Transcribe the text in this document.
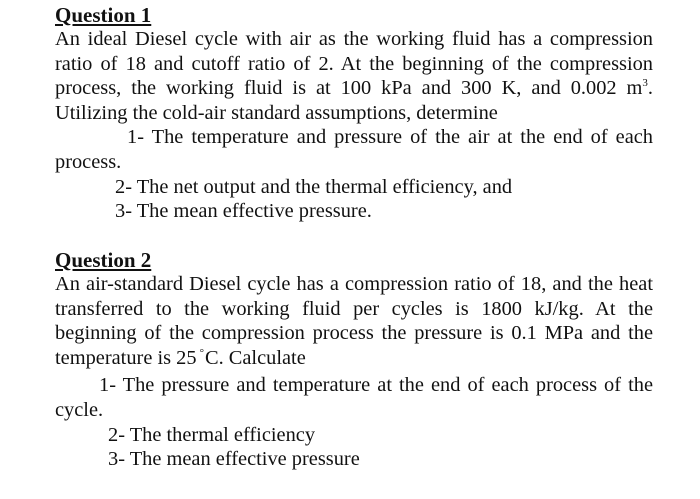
Question 1

An ideal Diesel cycle with air as the working fluid has a compression ratio of 18 and cutoff ratio of 2. At the beginning of the compression process, the working fluid is at 100 kPa and 300 K, and 0.002 $m^3$. Utilizing the cold-air standard assumptions, determine

1- The temperature and pressure of the air at the end of each process.

2- The net output and the thermal efficiency, and

3- The mean effective pressure.

Question 2

An air-standard Diesel cycle has a compression ratio of 18, and the heat transferred to the working fluid per cycles is 1800 kJ/kg. At the beginning of the compression process the pressure is 0.1 MPa and the temperature is 25 °C. Calculate

1- The pressure and temperature at the end of each process of the cycle.

2- The thermal efficiency

3- The mean effective pressure
